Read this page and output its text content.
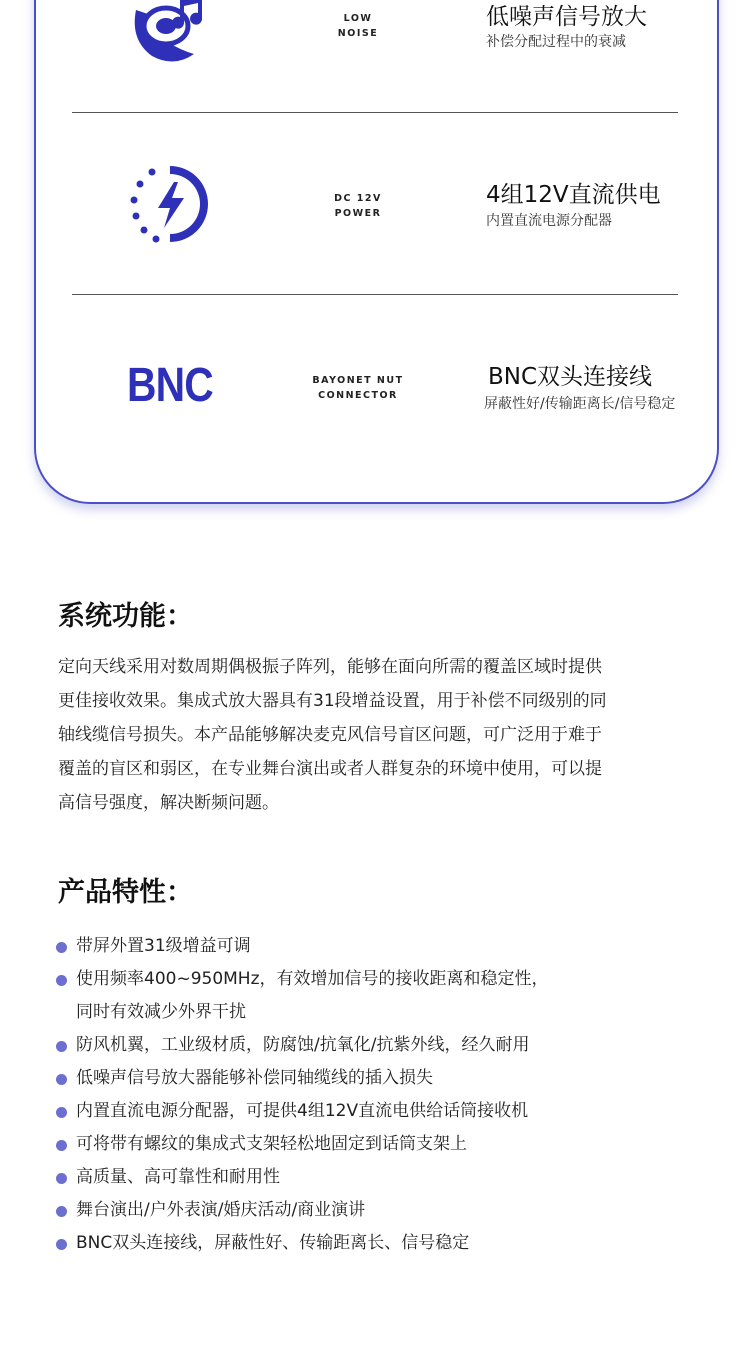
LOW
NOISE
低噪声信号放大
补偿分配过程中的衰减
DC 12V
POWER
4组12V直流供电
内置直流电源分配器
BNC	BAYONET NUT
CONNECTOR
BNC双头连接线
屏蔽性好/传输距离长/信号稳定
系统功能：
定向天线采用对数周期偶极振子阵列，能够在面向所需的覆盖区域时提供
更佳接收效果。集成式放大器具有31段增益设置，用于补偿不同级别的同
轴线缆信号损失。本产品能够解决麦克风信号盲区问题，可广泛用于难于
覆盖的盲区和弱区，在专业舞台演出或者人群复杂的环境中使用，可以提
高信号强度，解决断频问题。
产品特性：
带屏外置31级增益可调
使用频率400~950MHz，有效增加信号的接收距离和稳定性，
同时有效减少外界干扰
防风机翼，工业级材质，防腐蚀/抗氧化/抗紫外线，经久耐用
低噪声信号放大器能够补偿同轴缆线的插入损失
内置直流电源分配器，可提供4组12V直流电供给话筒接收机
可将带有螺纹的集成式支架轻松地固定到话筒支架上
高质量、高可靠性和耐用性
舞台演出/户外表演/婚庆活动/商业演讲
BNC双头连接线，屏蔽性好、传输距离长、信号稳定
